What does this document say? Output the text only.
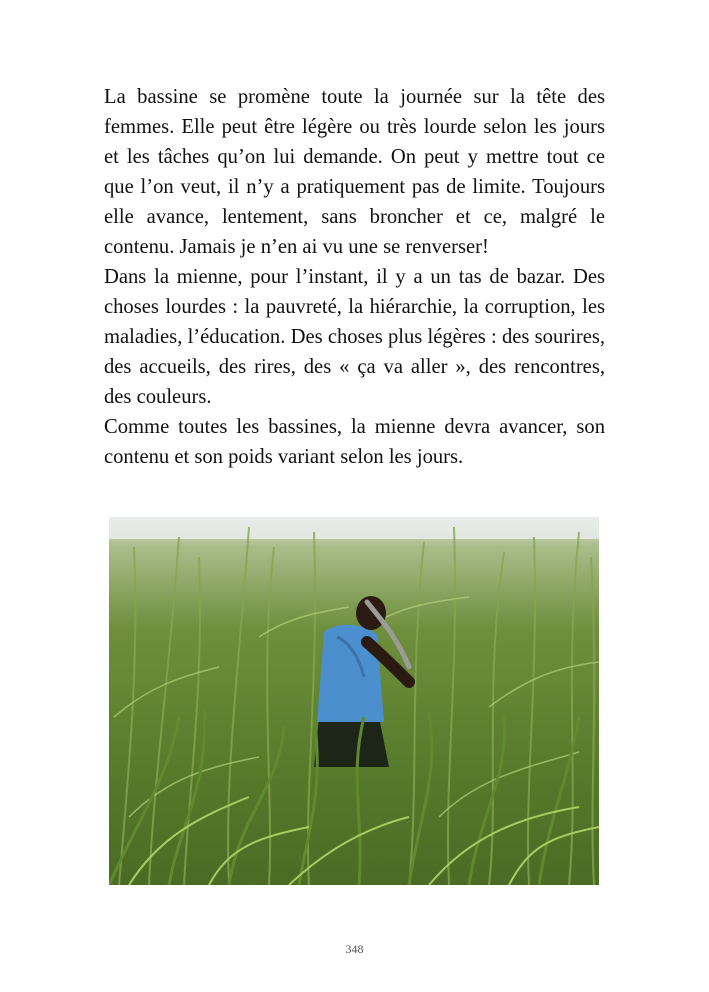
La bassine se promène toute la journée sur la tête des femmes. Elle peut être légère ou très lourde selon les jours et les tâches qu’on lui demande. On peut y mettre tout ce que l’on veut, il n’y a pratiquement pas de limite. Toujours elle avance, lentement, sans broncher et ce, malgré le contenu. Jamais je n’en ai vu une se renverser!

Dans la mienne, pour l’instant, il y a un tas de bazar. Des choses lourdes : la pauvreté, la hiérarchie, la corruption, les maladies, l’éducation. Des choses plus légères : des sourires, des accueils, des rires, des « ça va aller », des rencontres, des couleurs.

Comme toutes les bassines, la mienne devra avancer, son contenu et son poids variant selon les jours.

348
